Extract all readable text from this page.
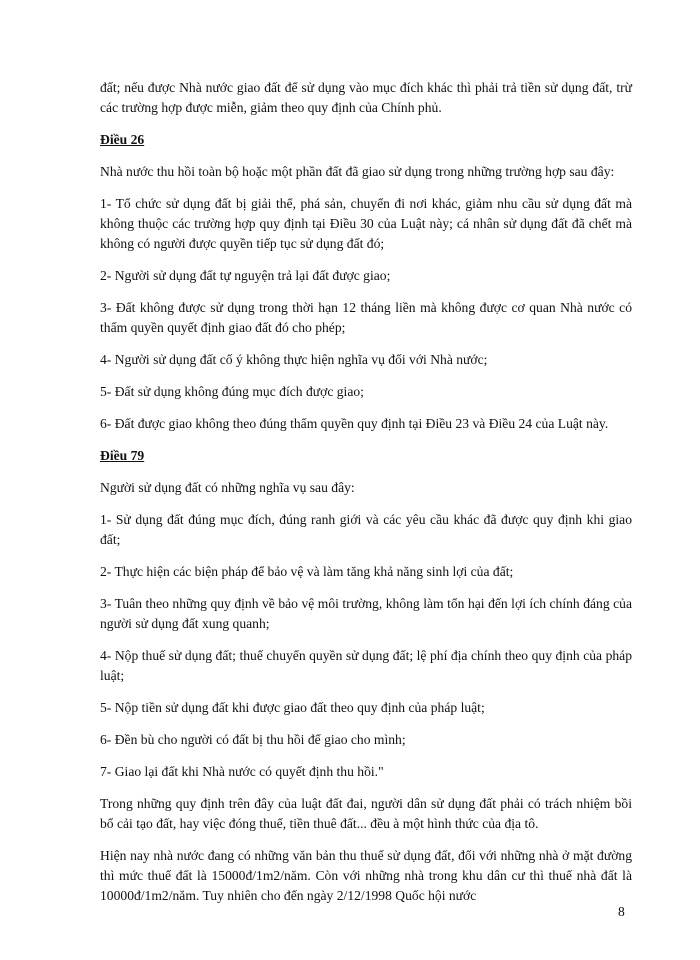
đất; nếu được Nhà nước giao đất để sử dụng vào mục đích khác thì phải trả tiền sử dụng đất, trừ các trường hợp được miễn, giảm theo quy định của Chính phủ.

Điều 26

Nhà nước thu hồi toàn bộ hoặc một phần đất đã giao sử dụng trong những trường hợp sau đây:

1- Tổ chức sử dụng đất bị giải thể, phá sản, chuyển đi nơi khác, giảm nhu cầu sử dụng đất mà không thuộc các trường hợp quy định tại Điều 30 của Luật này; cá nhân sử dụng đất đã chết mà không có người được quyền tiếp tục sử dụng đất đó;

2- Người sử dụng đất tự nguyện trả lại đất được giao;

3- Đất không được sử dụng trong thời hạn 12 tháng liền mà không được cơ quan Nhà nước có thẩm quyền quyết định giao đất đó cho phép;

4- Người sử dụng đất cố ý không thực hiện nghĩa vụ đối với Nhà nước;

5- Đất sử dụng không đúng mục đích được giao;

6- Đất được giao không theo đúng thẩm quyền quy định tại Điều 23 và Điều 24 của Luật này.

Điều 79

Người sử dụng đất có những nghĩa vụ sau đây:

1- Sử dụng đất đúng mục đích, đúng ranh giới và các yêu cầu khác đã được quy định khi giao đất;

2- Thực hiện các biện pháp để bảo vệ và làm tăng khả năng sinh lợi của đất;

3- Tuân theo những quy định về bảo vệ môi trường, không làm tổn hại đến lợi ích chính đáng của người sử dụng đất xung quanh;

4- Nộp thuế sử dụng đất; thuế chuyển quyền sử dụng đất; lệ phí địa chính theo quy định của pháp luật;

5- Nộp tiền sử dụng đất khi được giao đất theo quy định của pháp luật;

6- Đền bù cho người có đất bị thu hồi để giao cho mình;

7- Giao lại đất khi Nhà nước có quyết định thu hồi."

Trong những quy định trên đây của luật đất đai, người dân sử dụng đất phải có trách nhiệm bồi bổ cải tạo đất, hay việc đóng thuế, tiền thuê đất... đều à một hình thức của địa tô.

Hiện nay nhà nước đang có những văn bản thu thuế sử dụng đất, đối với những nhà ở mặt đường thì mức thuế đất là 15000đ/1m2/năm. Còn với những nhà trong khu dân cư thì thuế nhà đất là 10000đ/1m2/năm. Tuy nhiên cho đến ngày 2/12/1998 Quốc hội nước

8
